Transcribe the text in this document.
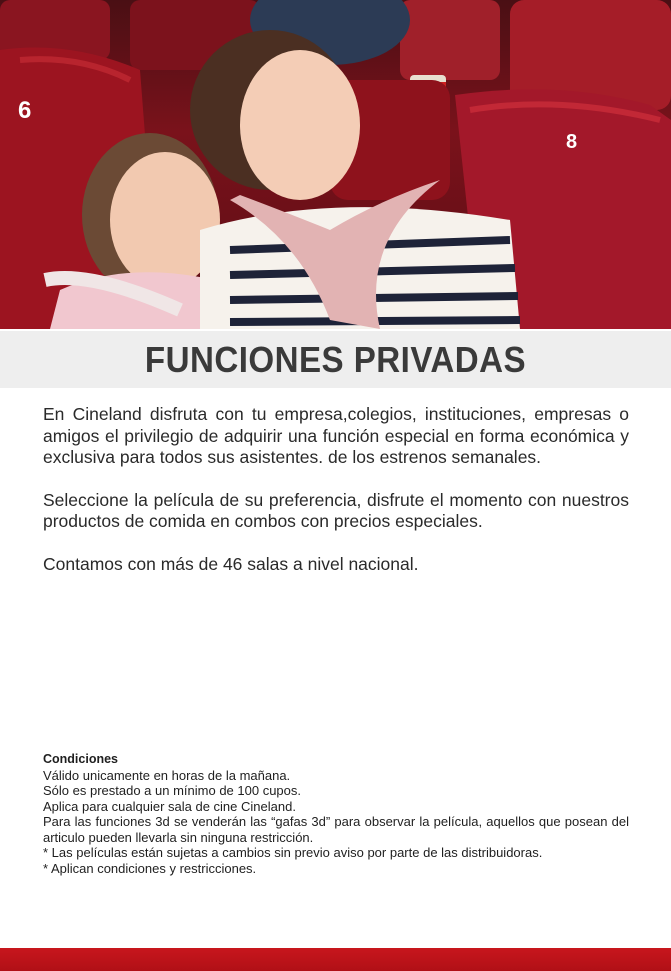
6
8
FUNCIONES PRIVADAS

En Cineland disfruta con tu empresa,colegios, instituciones, empresas o amigos el privilegio de adquirir una función especial en forma económica y exclusiva para todos sus asistentes. de los estrenos semanales.

Seleccione la película de su preferencia, disfrute el momento con nuestros productos de comida en combos con precios especiales.

Contamos con más de 46 salas a nivel nacional.

Condiciones
Válido unicamente en horas de la mañana.
Sólo es prestado a un mínimo de 100 cupos.
Aplica para cualquier sala de cine Cineland.
Para las funciones 3d se venderán las “gafas 3d” para observar la película, aquellos que posean del articulo pueden llevarla sin ninguna restricción.
* Las películas están sujetas a cambios sin previo aviso por parte de las distribuidoras.
* Aplican condiciones y restricciones.
